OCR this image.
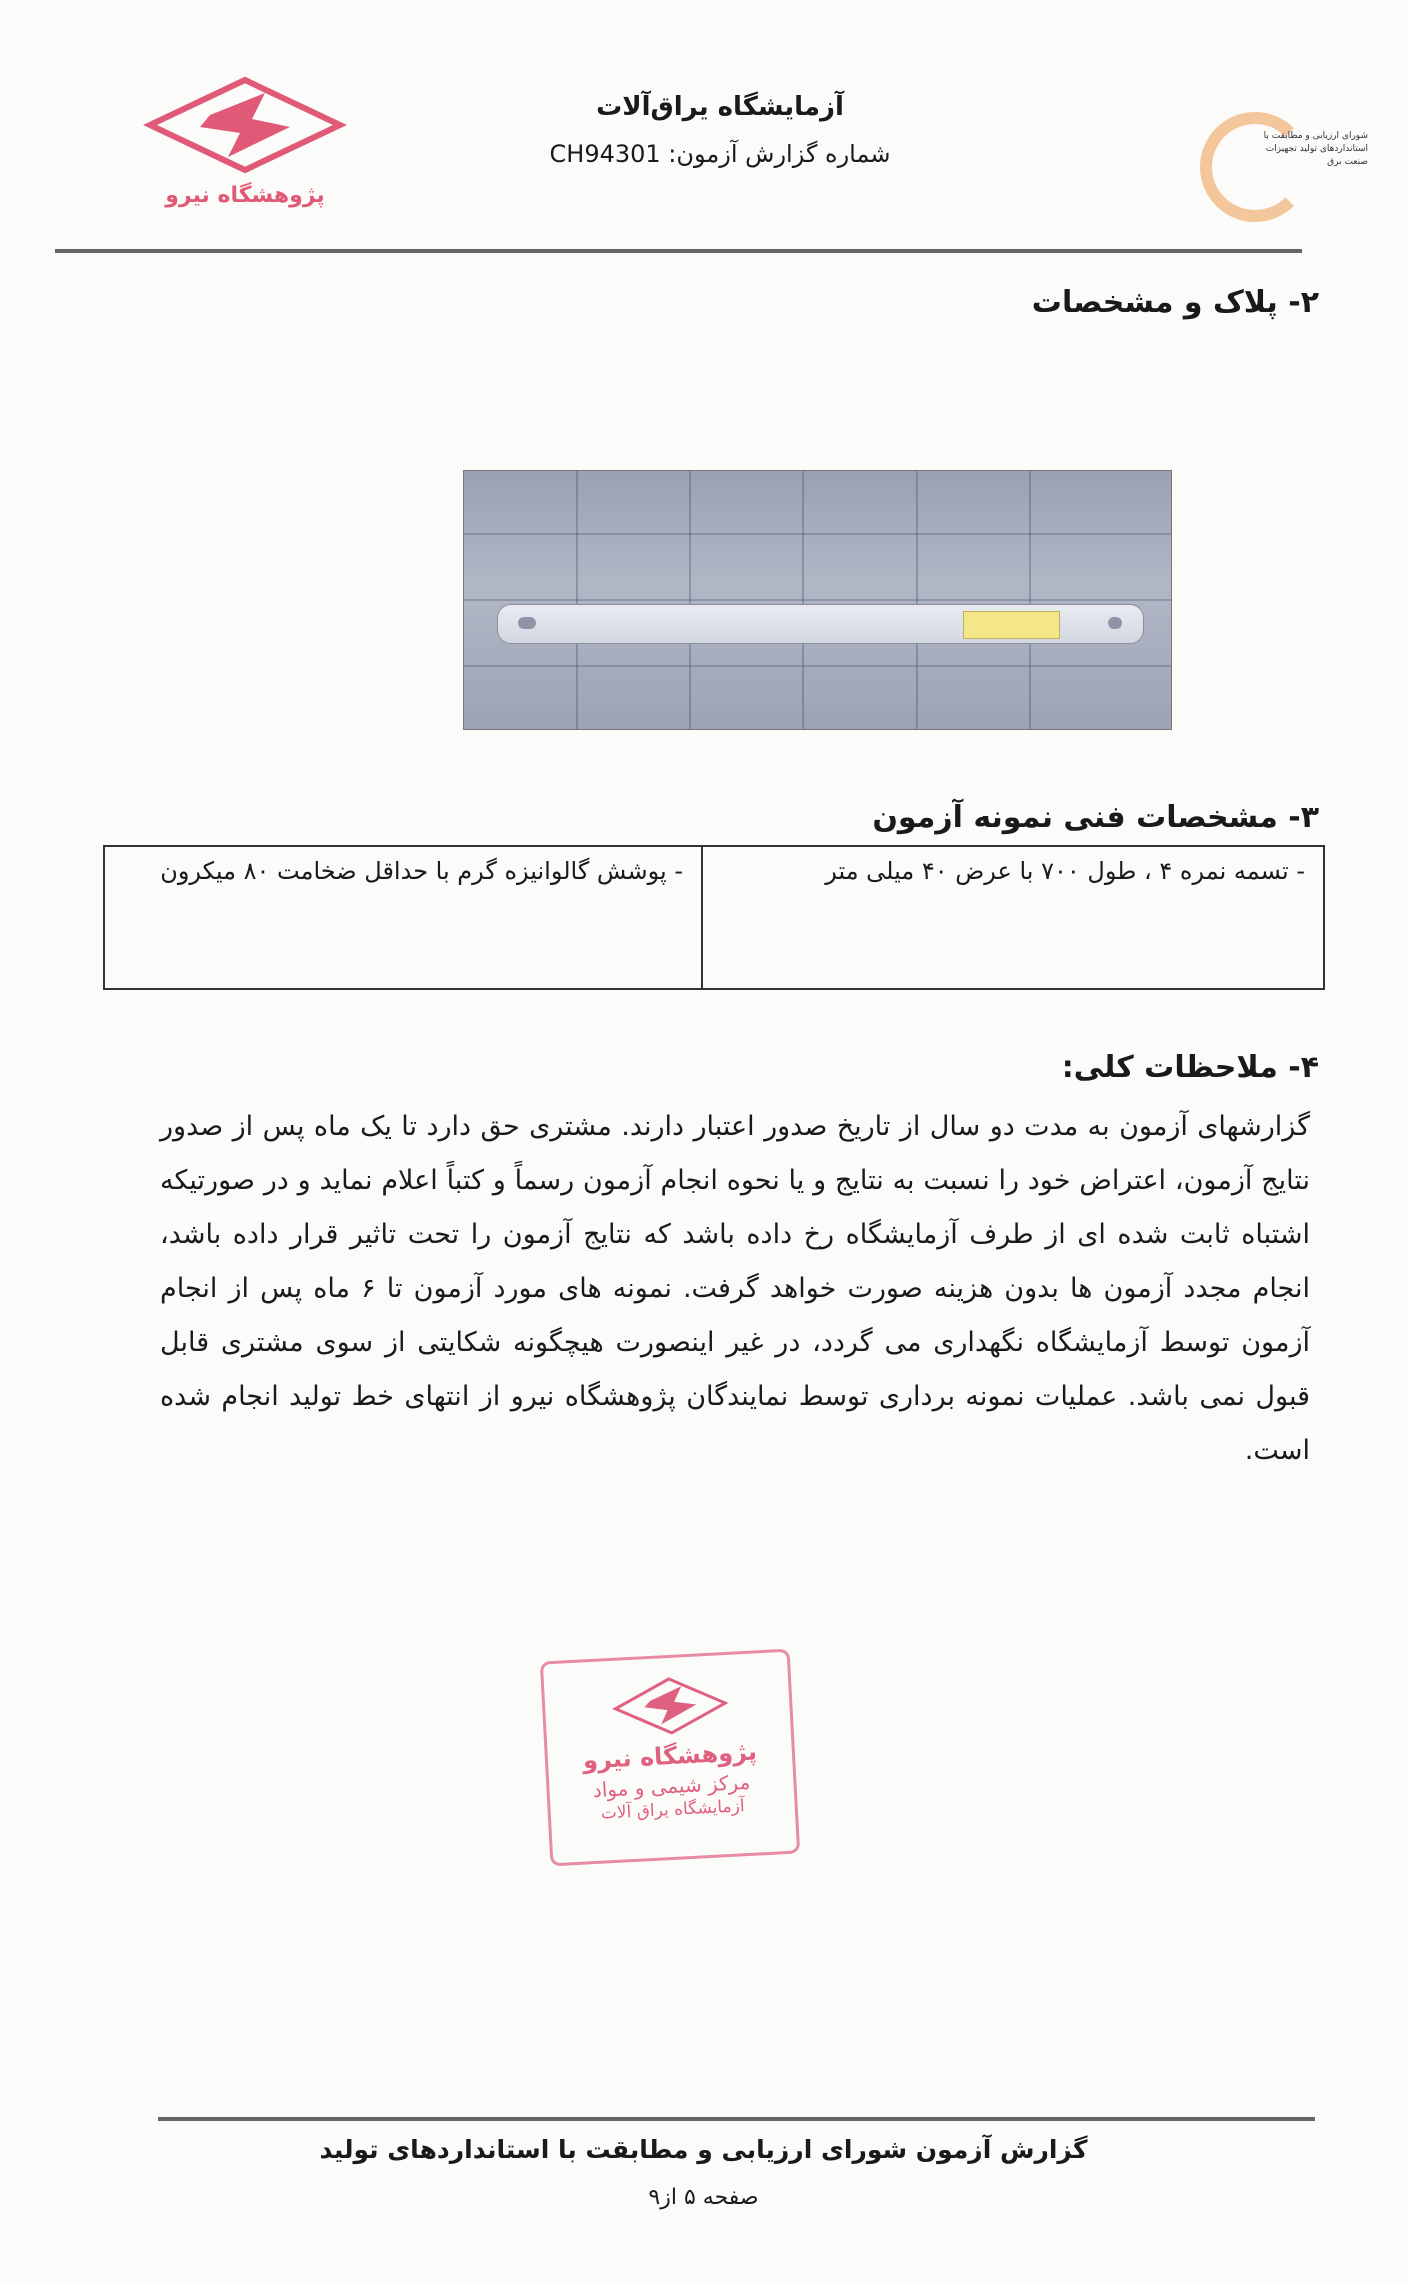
پژوهشگاه نیرو
آزمایشگاه یراق‌آلات
شماره گزارش آزمون: CH94301
شورای ارزیابی و مطابقت با استانداردهای تولید تجهیزات صنعت برق
۲- پلاک و مشخصات
۳- مشخصات فنی نمونه آزمون
- تسمه نمره ۴ ، طول ۷۰۰ با عرض ۴۰ میلی متر
- پوشش گالوانیزه گرم با حداقل ضخامت ۸۰ میکرون
۴- ملاحظات کلی:

گزارشهای آزمون به مدت دو سال از تاریخ صدور اعتبار دارند. مشتری حق دارد تا یک ماه پس از صدور نتایج آزمون، اعتراض خود را نسبت به نتایج و یا نحوه انجام آزمون رسماً و کتباً اعلام نماید و در صورتیکه اشتباه ثابت شده ای از طرف آزمایشگاه رخ داده باشد که نتایج آزمون را تحت تاثیر قرار داده باشد، انجام مجدد آزمون ها بدون هزینه صورت خواهد گرفت. نمونه های مورد آزمون تا ۶ ماه پس از انجام آزمون توسط آزمایشگاه نگهداری می گردد، در غیر اینصورت هیچگونه شکایتی از سوی مشتری قابل قبول نمی باشد. عملیات نمونه برداری توسط نمایندگان پژوهشگاه نیرو از انتهای خط تولید انجام شده است.

پژوهشگاه نیرو
مرکز شیمی و مواد
آزمایشگاه یراق آلات
گزارش آزمون شورای ارزیابی و مطابقت با استانداردهای تولید
صفحه ۵ از۹
